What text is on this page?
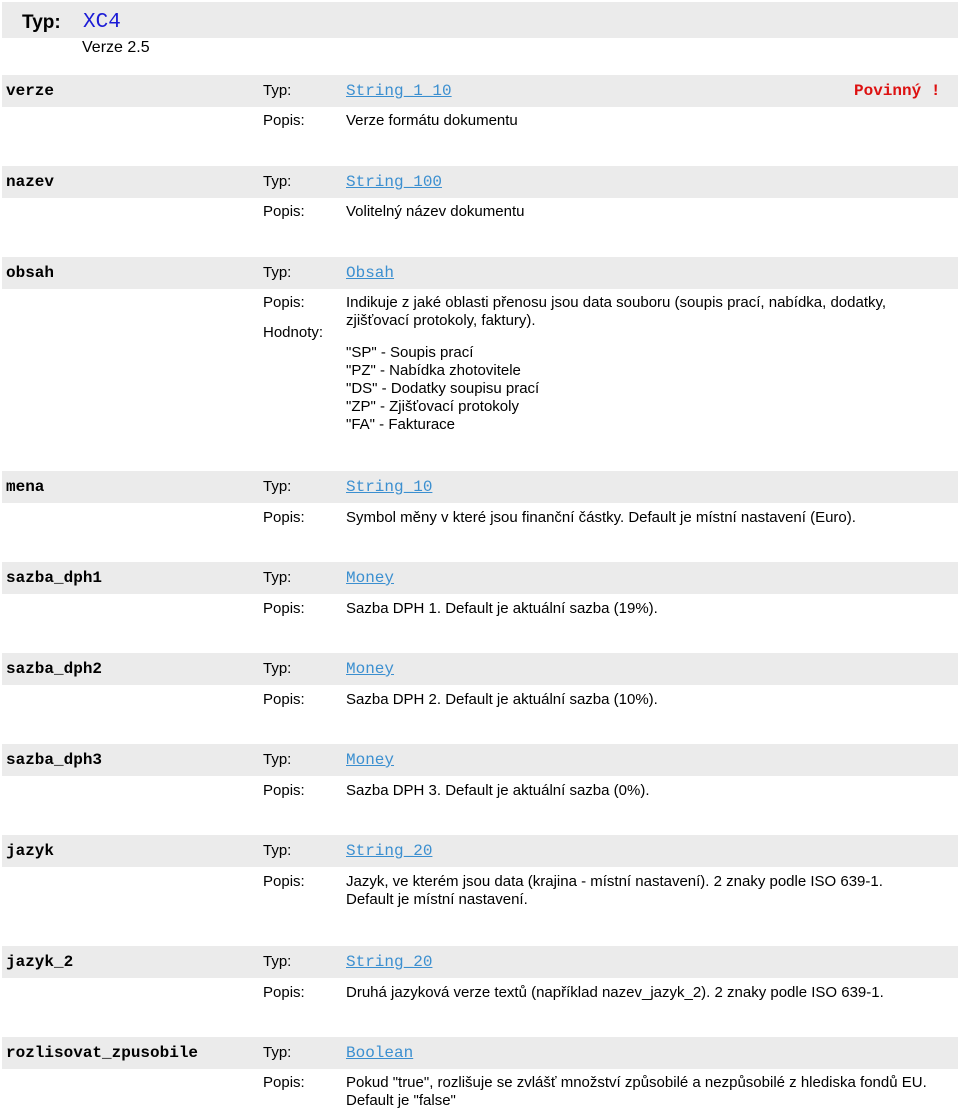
Typ: XC4
Verze 2.5
verze	Typ:	String_1_10	Povinný !
Popis:	Verze formátu dokumentu
nazev	Typ:	String_100
Popis:	Volitelný název dokumentu
obsah	Typ:	Obsah
Popis:	Indikuje z jaké oblasti přenosu jsou data souboru (soupis prací, nabídka, dodatky,
zjišťovací protokoly, faktury).
Hodnoty:
"SP" - Soupis prací
"PZ" - Nabídka zhotovitele
"DS" - Dodatky soupisu prací
"ZP" - Zjišťovací protokoly
"FA" - Fakturace
mena	Typ:	String_10
Popis:	Symbol měny v které jsou finanční částky. Default je místní nastavení (Euro).
sazba_dph1	Typ:	Money
Popis:	Sazba DPH 1. Default je aktuální sazba (19%).
sazba_dph2	Typ:	Money
Popis:	Sazba DPH 2. Default je aktuální sazba (10%).
sazba_dph3	Typ:	Money
Popis:	Sazba DPH 3. Default je aktuální sazba (0%).
jazyk	Typ:	String_20
Popis:	Jazyk, ve kterém jsou data (krajina - místní nastavení). 2 znaky podle ISO 639-1.
Default je místní nastavení.
jazyk_2	Typ:	String_20
Popis:	Druhá jazyková verze textů (například nazev_jazyk_2). 2 znaky podle ISO 639-1.
rozlisovat_zpusobile	Typ:	Boolean
Popis:	Pokud "true", rozlišuje se zvlášť množství způsobilé a nezpůsobilé z hlediska fondů EU.
Default je "false"
